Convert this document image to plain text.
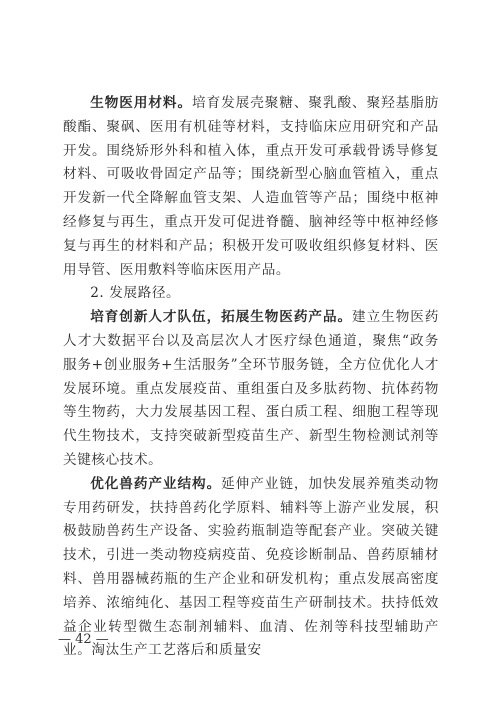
生物医用材料。培育发展壳聚糖、聚乳酸、聚羟基脂肪酸酯、聚砜、医用有机硅等材料，支持临床应用研究和产品开发。围绕矫形外科和植入体，重点开发可承载骨诱导修复材料、可吸收骨固定产品等；围绕新型心脑血管植入，重点开发新一代全降解血管支架、人造血管等产品；围绕中枢神经修复与再生，重点开发可促进脊髓、脑神经等中枢神经修复与再生的材料和产品；积极开发可吸收组织修复材料、医用导管、医用敷料等临床医用产品。

2. 发展路径。

培育创新人才队伍，拓展生物医药产品。建立生物医药人才大数据平台以及高层次人才医疗绿色通道，聚焦“政务服务+创业服务+生活服务”全环节服务链，全方位优化人才发展环境。重点发展疫苗、重组蛋白及多肽药物、抗体药物等生物药，大力发展基因工程、蛋白质工程、细胞工程等现代生物技术，支持突破新型疫苗生产、新型生物检测试剂等关键核心技术。

优化兽药产业结构。延伸产业链，加快发展养殖类动物专用药研发，扶持兽药化学原料、辅料等上游产业发展，积极鼓励兽药生产设备、实验药瓶制造等配套产业。突破关键技术，引进一类动物疫病疫苗、免疫诊断制品、兽药原辅材料、兽用器械药瓶的生产企业和研发机构；重点发展高密度培养、浓缩纯化、基因工程等疫苗生产研制技术。扶持低效益企业转型微生态制剂辅料、血清、佐剂等科技型辅助产业。淘汰生产工艺落后和质量安

— 42 —
